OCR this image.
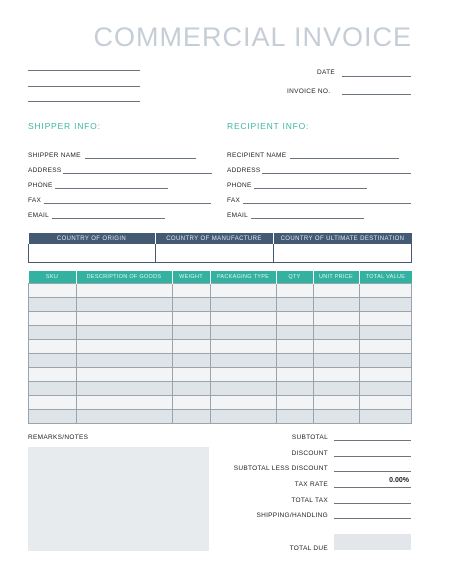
COMMERCIAL INVOICE
DATE
INVOICE NO.
SHIPPER INFO:	RECIPIENT INFO:
SHIPPER NAME
ADDRESS
PHONE
FAX
EMAIL
RECIPIENT NAME
ADDRESS
PHONE
FAX
EMAIL
COUNTRY OF ORIGIN	COUNTRY OF MANUFACTURE	COUNTRY OF ULTIMATE DESTINATION

SKU	DESCRIPTION OF GOODS	WEIGHT	PACKAGING TYPE	QTY	UNIT PRICE	TOTAL VALUE

REMARKS/NOTES	SUBTOTAL
DISCOUNT
SUBTOTAL LESS DISCOUNT
TAX RATE
0.00%
TOTAL TAX
SHIPPING/HANDLING
TOTAL DUE
